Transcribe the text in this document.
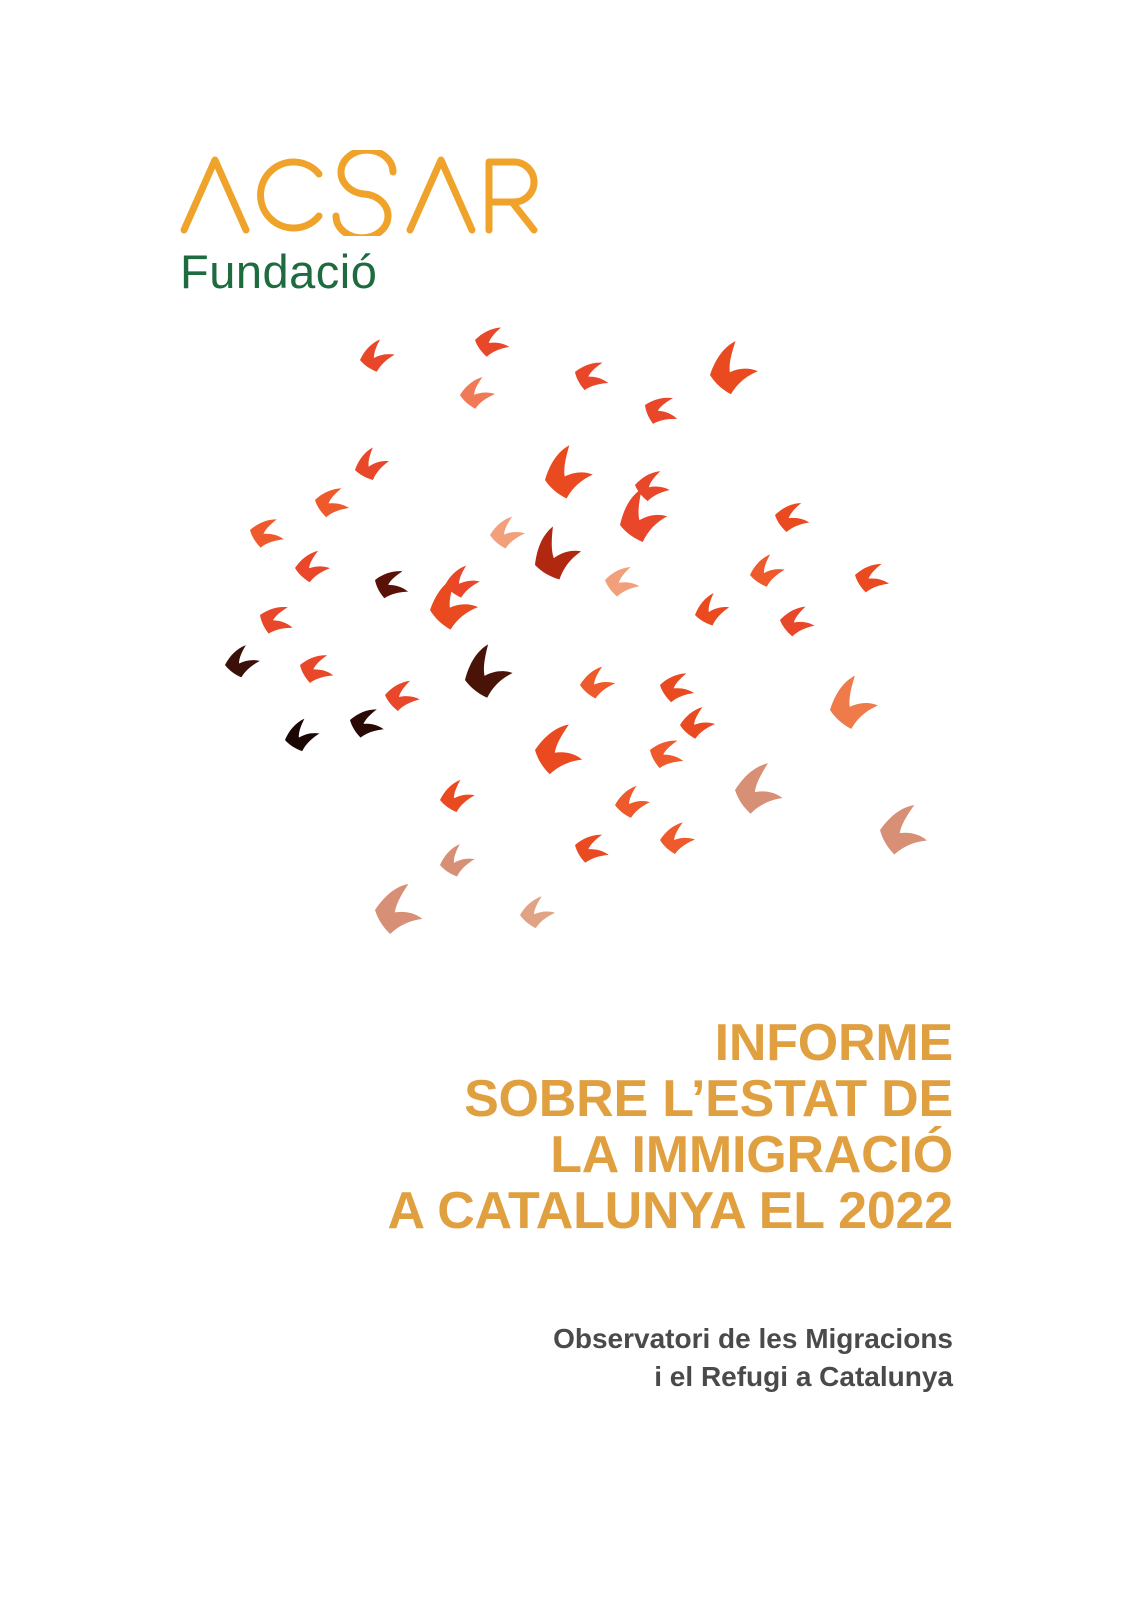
Fundació
INFORME
SOBRE L’ESTAT DE
LA IMMIGRACIÓ
A CATALUNYA EL 2022
Observatori de les Migracions
i el Refugi a Catalunya
